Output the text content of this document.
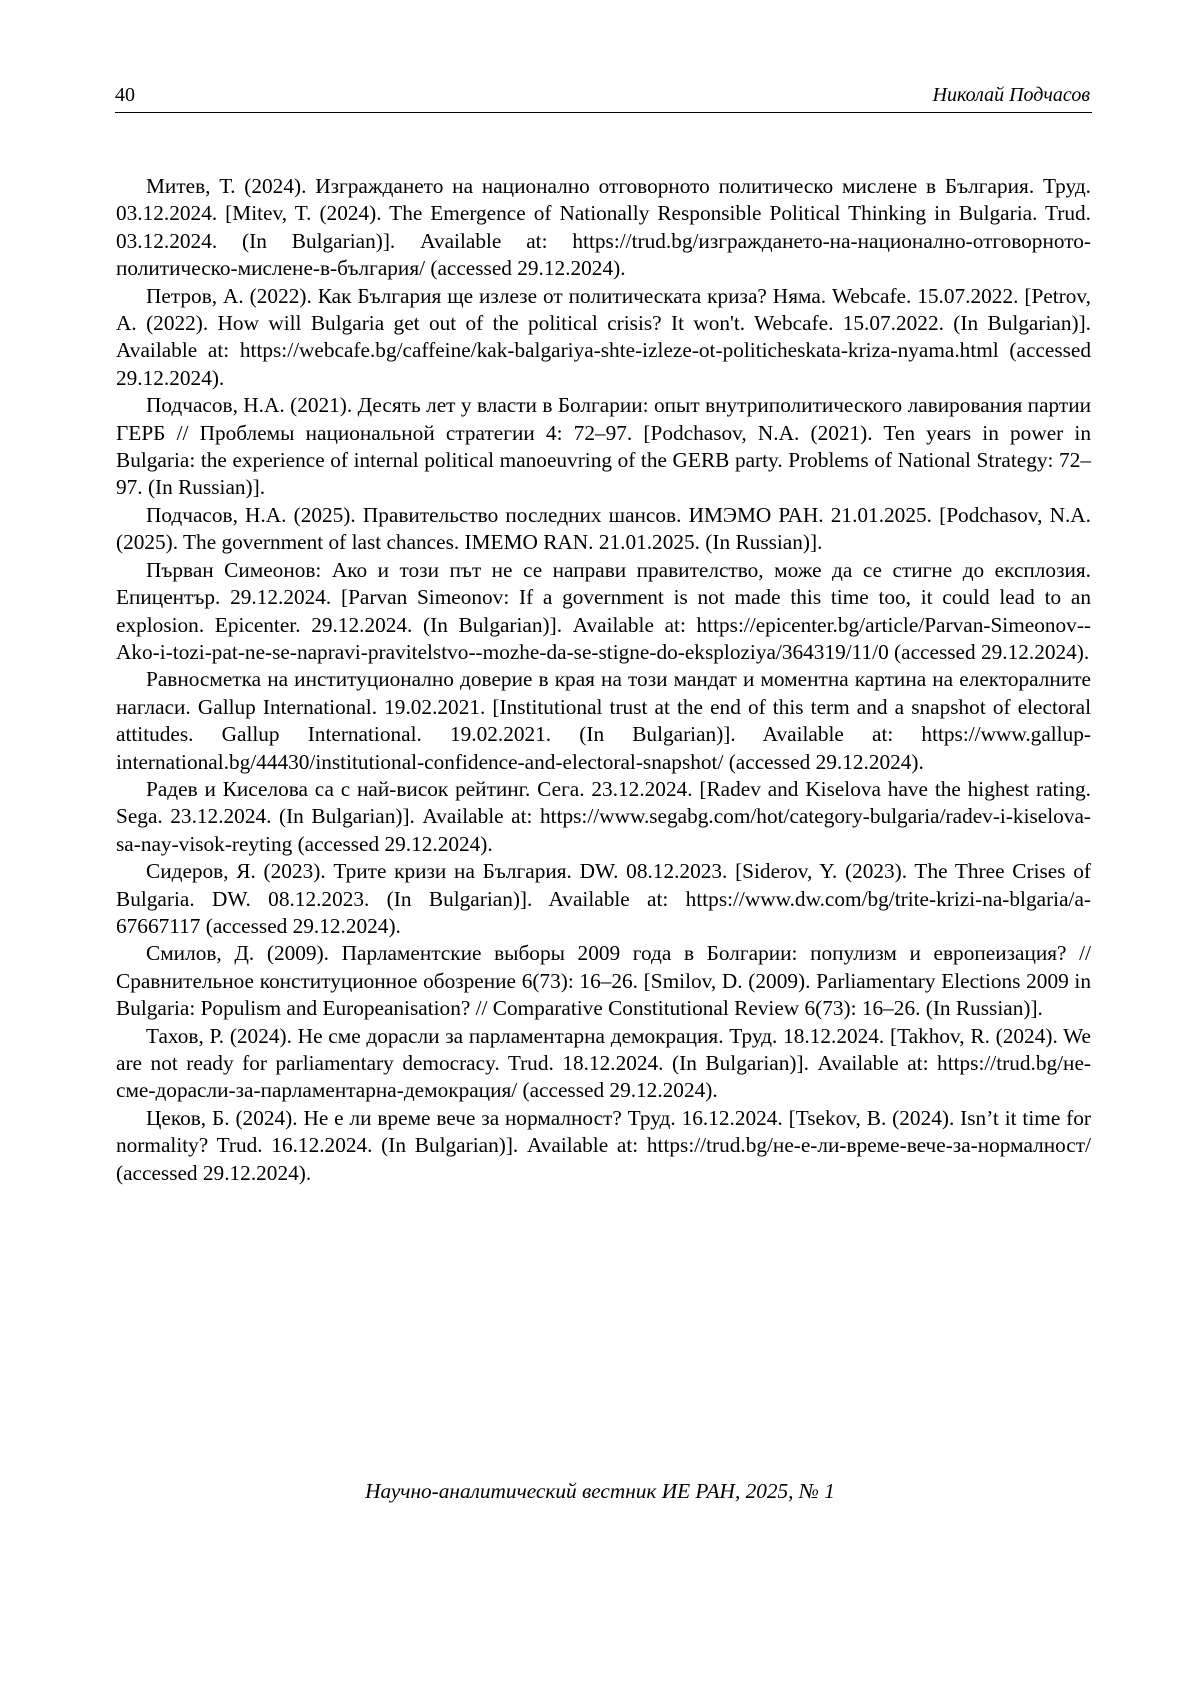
40	Николай Подчасов

Митев, Т. (2024). Изграждането на национално отговорното политическо мислене в България. Труд. 03.12.2024. [Mitev, T. (2024). The Emergence of Nationally Responsible Political Thinking in Bulgaria. Trud. 03.12.2024. (In Bulgarian)]. Available at: https://trud.bg/изграждането-на-национално-отговорното-политическо-мислене-в-българия/ (accessed 29.12.2024).

Петров, А. (2022). Как България ще излезе от политическата криза? Няма. Webcafe. 15.07.2022. [Petrov, A. (2022). How will Bulgaria get out of the political crisis? It won't. Webcafe. 15.07.2022. (In Bulgarian)]. Available at: https://webcafe.bg/caffeine/kak-balgariya-shte-izleze-ot-politicheskata-kriza-nyama.html (accessed 29.12.2024).

Подчасов, Н.А. (2021). Десять лет у власти в Болгарии: опыт внутриполитического лавирования партии ГЕРБ // Проблемы национальной стратегии 4: 72–97. [Podchasov, N.A. (2021). Ten years in power in Bulgaria: the experience of internal political manoeuvring of the GERB party. Problems of National Strategy: 72–97. (In Russian)].

Подчасов, Н.А. (2025). Правительство последних шансов. ИМЭМО РАН. 21.01.2025. [Podchasov, N.A. (2025). The government of last chances. IMEMO RAN. 21.01.2025. (In Russian)].

Първан Симеонов: Ако и този път не се направи правителство, може да се стигне до експлозия. Епицентър. 29.12.2024. [Parvan Simeonov: If a government is not made this time too, it could lead to an explosion. Epicenter. 29.12.2024. (In Bulgarian)]. Available at: https://epicenter.bg/article/Parvan-Simeonov--Ako-i-tozi-pat-ne-se-napravi-pravitelstvo--mozhe-da-se-stigne-do-eksploziya/364319/11/0 (accessed 29.12.2024).

Равносметка на институционално доверие в края на този мандат и моментна картина на електоралните нагласи. Gallup International. 19.02.2021. [Institutional trust at the end of this term and a snapshot of electoral attitudes. Gallup International. 19.02.2021. (In Bulgarian)]. Available at: https://www.gallup-international.bg/44430/institutional-confidence-and-electoral-snapshot/ (accessed 29.12.2024).

Радев и Киселова са с най-висок рейтинг. Сега. 23.12.2024. [Radev and Kiselova have the highest rating. Sega. 23.12.2024. (In Bulgarian)]. Available at: https://www.segabg.com/hot/category-bulgaria/radev-i-kiselova-sa-nay-visok-reyting (accessed 29.12.2024).

Сидеров, Я. (2023). Трите кризи на България. DW. 08.12.2023. [Siderov, Y. (2023). The Three Crises of Bulgaria. DW. 08.12.2023. (In Bulgarian)]. Available at: https://www.dw.com/bg/trite-krizi-na-blgaria/a-67667117 (accessed 29.12.2024).

Смилов, Д. (2009). Парламентские выборы 2009 года в Болгарии: популизм и европеизация? // Сравнительное конституционное обозрение 6(73): 16–26. [Smilov, D. (2009). Parliamentary Elections 2009 in Bulgaria: Populism and Europeanisation? // Comparative Constitutional Review 6(73): 16–26. (In Russian)].

Тахов, Р. (2024). Не сме дорасли за парламентарна демокрация. Труд. 18.12.2024. [Takhov, R. (2024). We are not ready for parliamentary democracy. Trud. 18.12.2024. (In Bulgarian)]. Available at: https://trud.bg/не-сме-дорасли-за-парламентарна-демокрация/ (accessed 29.12.2024).

Цеков, Б. (2024). Не е ли време вече за нормалност? Труд. 16.12.2024. [Tsekov, B. (2024). Isn’t it time for normality? Trud. 16.12.2024. (In Bulgarian)]. Available at: https://trud.bg/не-е-ли-време-вече-за-нормалност/ (accessed 29.12.2024).

Научно-аналитический вестник ИЕ РАН, 2025, № 1
